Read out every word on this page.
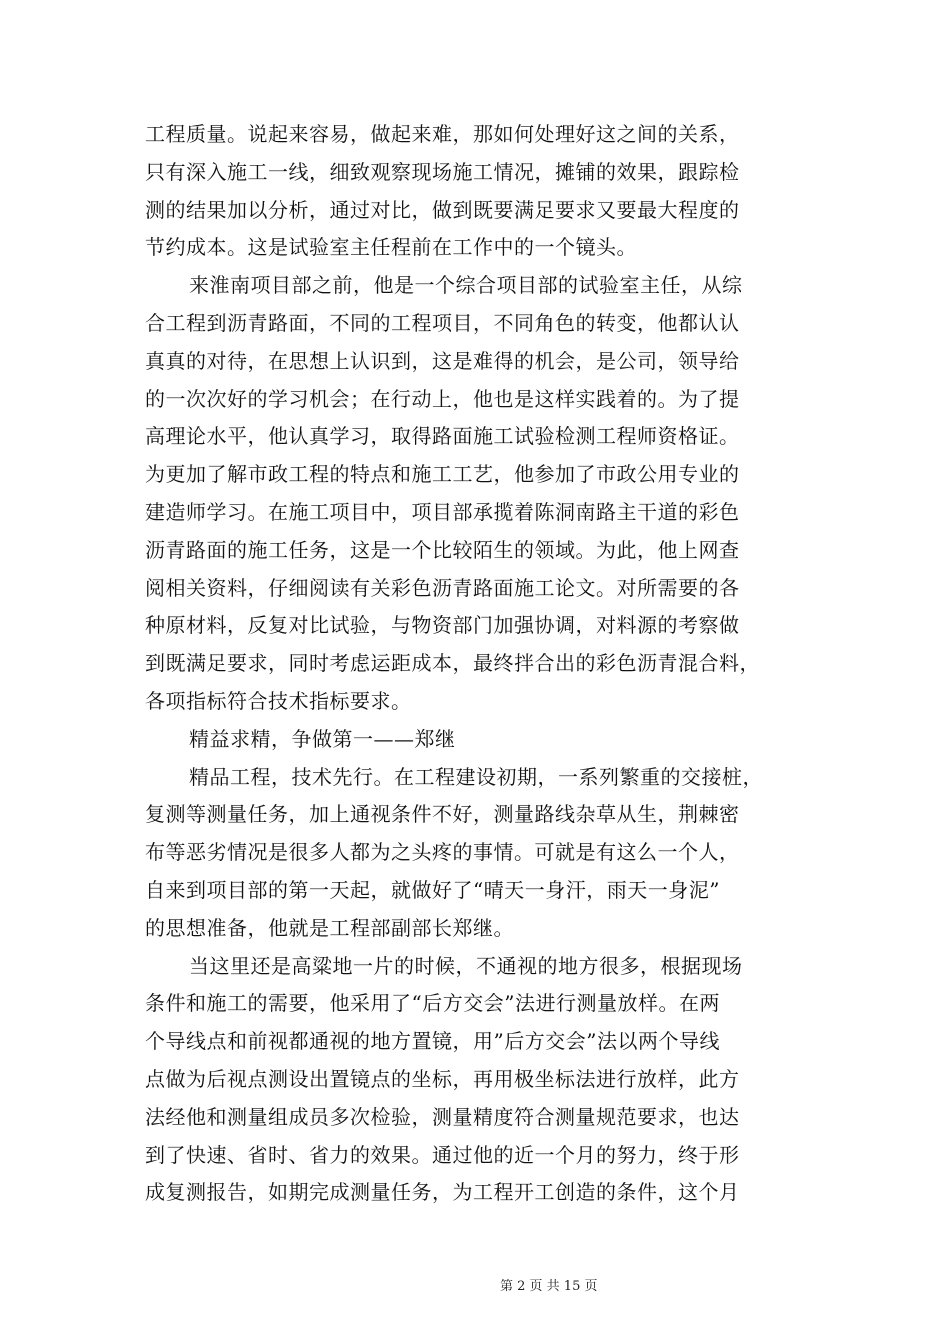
工程质量。说起来容易，做起来难，那如何处理好这之间的关系，
只有深入施工一线，细致观察现场施工情况，摊铺的效果，跟踪检
测的结果加以分析，通过对比，做到既要满足要求又要最大程度的
节约成本。这是试验室主任程前在工作中的一个镜头。
来淮南项目部之前，他是一个综合项目部的试验室主任，从综
合工程到沥青路面，不同的工程项目，不同角色的转变，他都认认
真真的对待，在思想上认识到，这是难得的机会，是公司，领导给
的一次次好的学习机会；在行动上，他也是这样实践着的。为了提
高理论水平，他认真学习，取得路面施工试验检测工程师资格证。
为更加了解市政工程的特点和施工工艺，他参加了市政公用专业的
建造师学习。在施工项目中，项目部承揽着陈洞南路主干道的彩色
沥青路面的施工任务，这是一个比较陌生的领域。为此，他上网查
阅相关资料，仔细阅读有关彩色沥青路面施工论文。对所需要的各
种原材料，反复对比试验，与物资部门加强协调，对料源的考察做
到既满足要求，同时考虑运距成本，最终拌合出的彩色沥青混合料，
各项指标符合技术指标要求。
精益求精，争做第一——郑继
精品工程，技术先行。在工程建设初期，一系列繁重的交接桩，
复测等测量任务，加上通视条件不好，测量路线杂草从生，荆棘密
布等恶劣情况是很多人都为之头疼的事情。可就是有这么一个人，
自来到项目部的第一天起，就做好了“晴天一身汗，雨天一身泥”
的思想准备，他就是工程部副部长郑继。
当这里还是高粱地一片的时候，不通视的地方很多，根据现场
条件和施工的需要，他采用了“后方交会”法进行测量放样。在两
个导线点和前视都通视的地方置镜，用”后方交会”法以两个导线
点做为后视点测设出置镜点的坐标，再用极坐标法进行放样，此方
法经他和测量组成员多次检验，测量精度符合测量规范要求，也达
到了快速、省时、省力的效果。通过他的近一个月的努力，终于形
成复测报告，如期完成测量任务，为工程开工创造的条件，这个月
第 2 页 共 15 页
